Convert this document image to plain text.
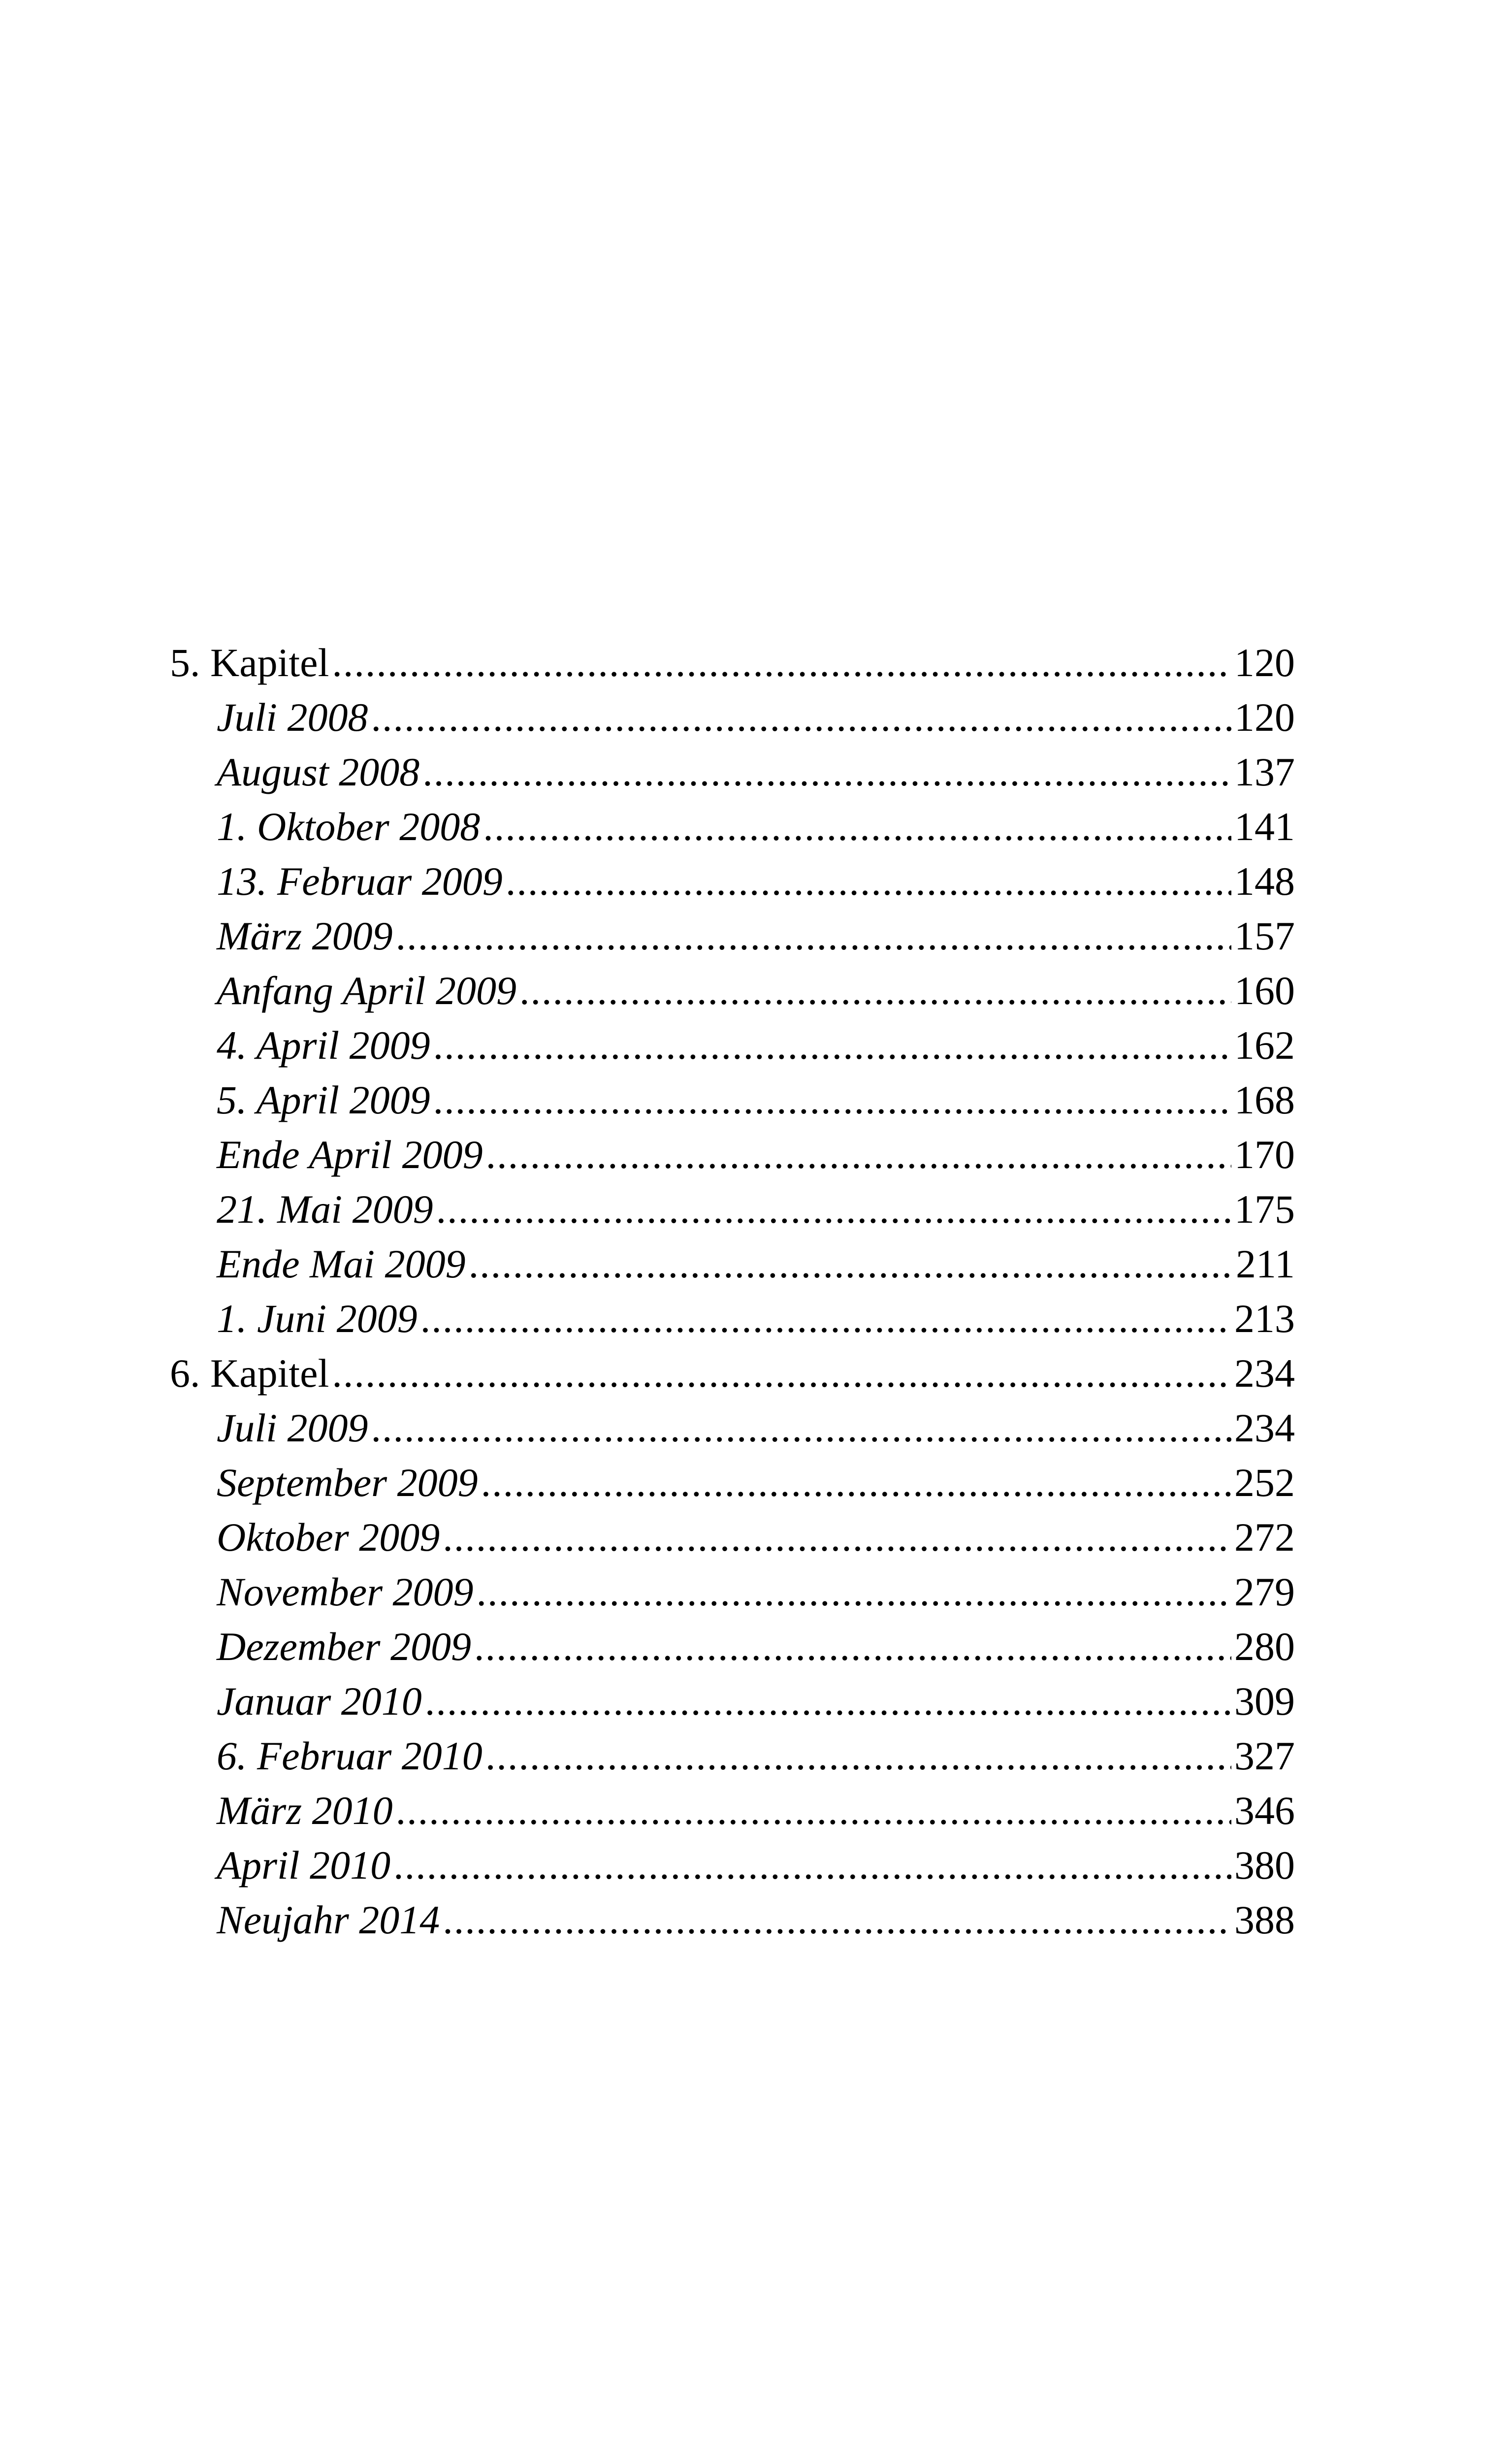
5. Kapitel .....	120
Juli 2008 .....	120
August 2008 .....	137
1. Oktober 2008 .....	141
13. Februar 2009 .....	148
März 2009 .....	157
Anfang April 2009 .....	160
4. April 2009 .....	162
5. April 2009 .....	168
Ende April 2009 .....	170
21. Mai 2009 .....	175
Ende Mai 2009 .....	211
1. Juni 2009 .....	213
6. Kapitel .....	234
Juli 2009 .....	234
September 2009 .....	252
Oktober 2009 .....	272
November 2009 .....	279
Dezember 2009 .....	280
Januar 2010 .....	309
6. Februar 2010 .....	327
März 2010 .....	346
April 2010 .....	380
Neujahr 2014 .....	388
